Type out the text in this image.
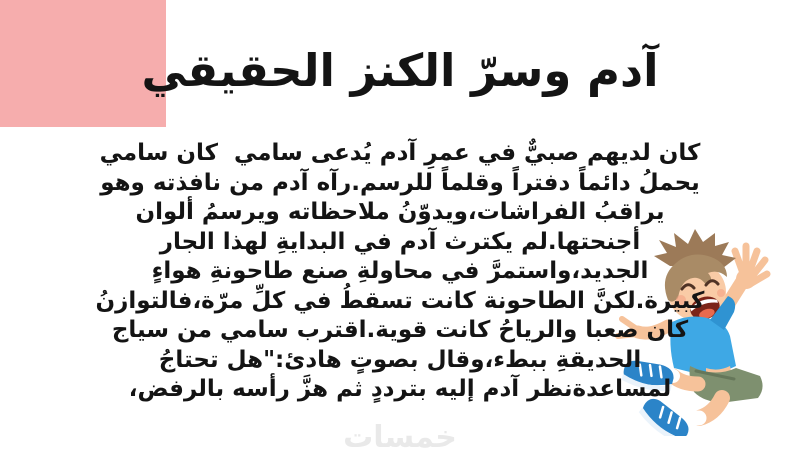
آدم وسرّ الكنز الحقيقي
كان لديهم صبيٌّ في عمرِ آدم يُدعى سامي  كان سامي
يحملُ دائماً دفتراً وقلماً للرسم.رآه آدم من نافذته وهو
يراقبُ الفراشات،ويدوّنُ ملاحظاته ويرسمُ ألوان
أجنحتها.لم يكترث آدم في البدايةِ لهذا الجار
الجديد،واستمرَّ في محاولةِ صنع طاحونةِ هواءٍ
كبيرة.لكنَّ الطاحونة كانت تسقطُ في كلِّ مرّة،فالتوازنُ
كان صعبا والرياحُ كانت قوية.اقترب سامي من سياج
الحديقةِ ببطء،وقال بصوتٍ هادئ:"هل تحتاجُ
لمساعدةنظر آدم إليه بترددٍ ثم هزَّ رأسه بالرفض،
خمسات
